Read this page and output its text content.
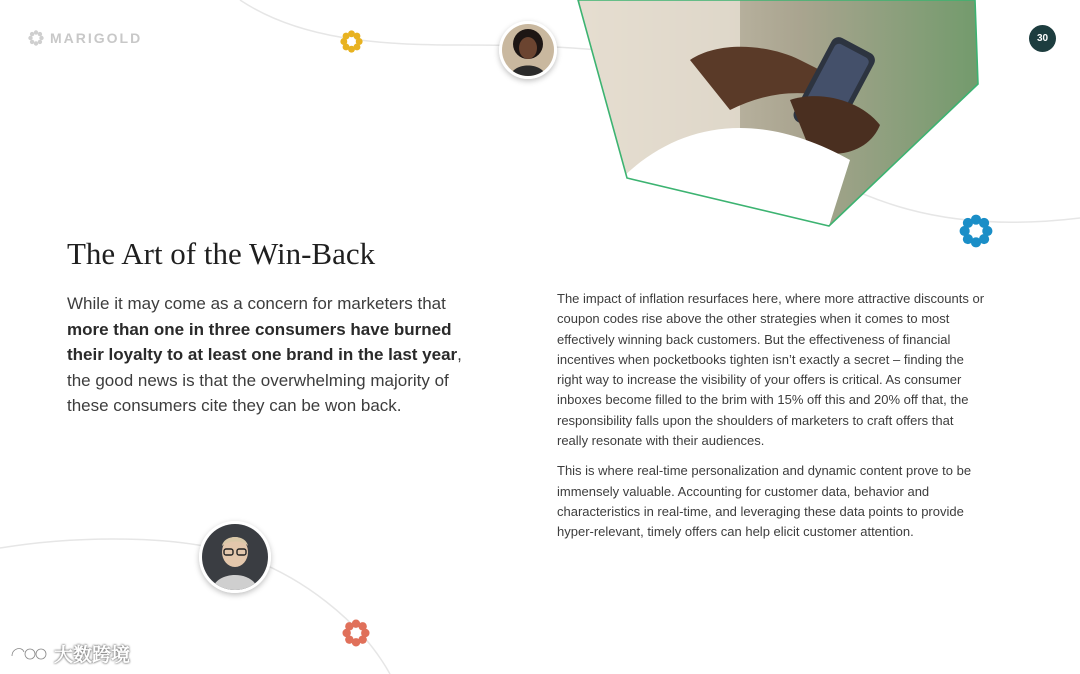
MARIGOLD	30
The Art of the Win-Back

While it may come as a concern for marketers that more than one in three consumers have burned their loyalty to at least one brand in the last year, the good news is that the overwhelming majority of these consumers cite they can be won back.

The impact of inflation resurfaces here, where more attractive discounts or coupon codes rise above the other strategies when it comes to most effectively winning back customers. But the effectiveness of financial incentives when pocketbooks tighten isn’t exactly a secret – finding the right way to increase the visibility of your offers is critical. As consumer inboxes become filled to the brim with 15% off this and 20% off that, the responsibility falls upon the shoulders of marketers to craft offers that really resonate with their audiences.

This is where real-time personalization and dynamic content prove to be immensely valuable. Accounting for customer data, behavior and characteristics in real-time, and leveraging these data points to provide hyper-relevant, timely offers can help elicit customer attention.

大数跨境
